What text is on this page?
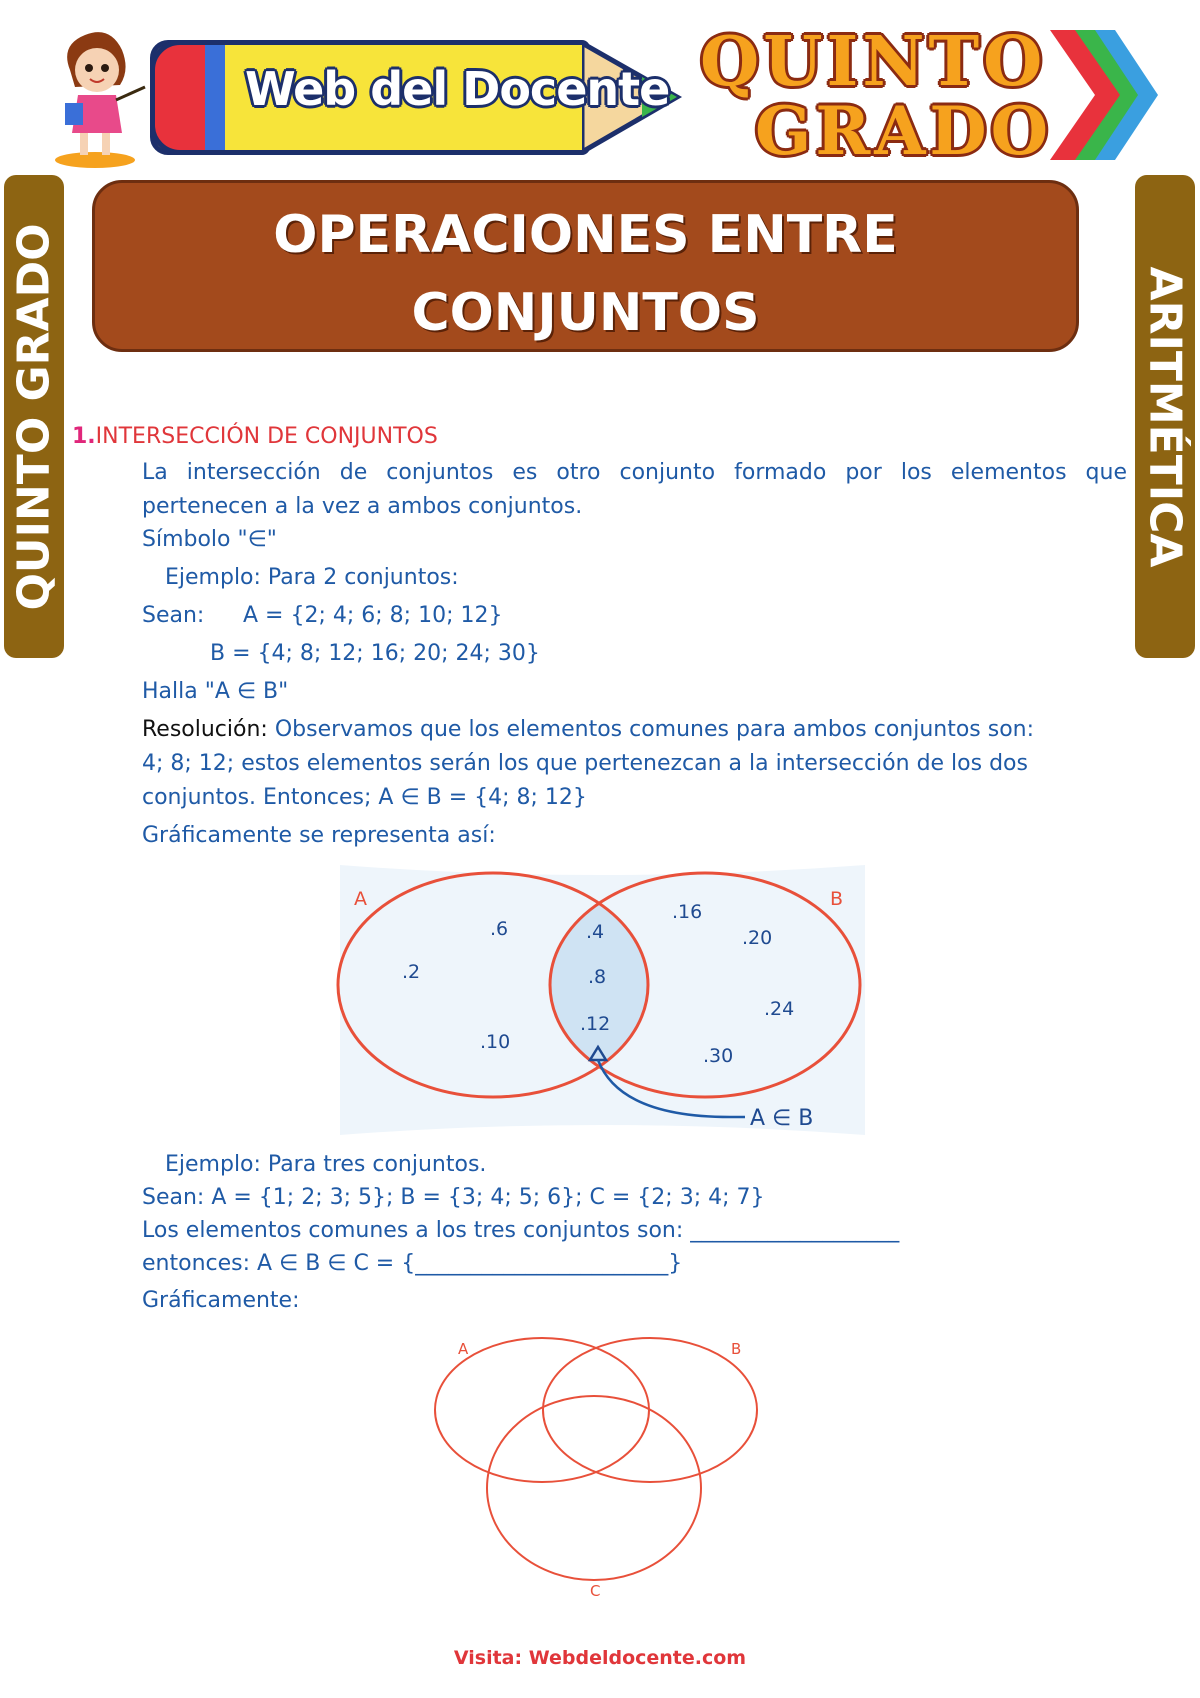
Web del Docente QUINTO
GRADO
QUINTO GRADO	ARITMÉTICA
OPERACIONES ENTRE
CONJUNTOS
1.INTERSECCIÓN DE CONJUNTOS
La intersección de conjuntos es otro conjunto formado por los elementos que pertenecen a la vez a ambos conjuntos.
Símbolo "∈"
Ejemplo: Para 2 conjuntos:
Sean: A = {2; 4; 6; 8; 10; 12}
B = {4; 8; 12; 16; 20; 24; 30}
Halla "A ∈ B"
Resolución: Observamos que los elementos comunes para ambos conjuntos son:
4; 8; 12; estos elementos serán los que pertenezcan a la intersección de los dos
conjuntos. Entonces; A ∈ B = {4; 8; 12}
Gráficamente se representa así:
A	B
.6
.2
.10
.4
.8
.12
.16
.20
.24
.30
A ∈ B
Ejemplo: Para tres conjuntos.
Sean: A = {1; 2; 3; 5}; B = {3; 4; 5; 6}; C = {2; 3; 4; 7}
Los elementos comunes a los tres conjuntos son: ___________________
entonces: A ∈ B ∈ C = {_______________________}
Gráficamente:
A	B
C
Visita: Webdeldocente.com
